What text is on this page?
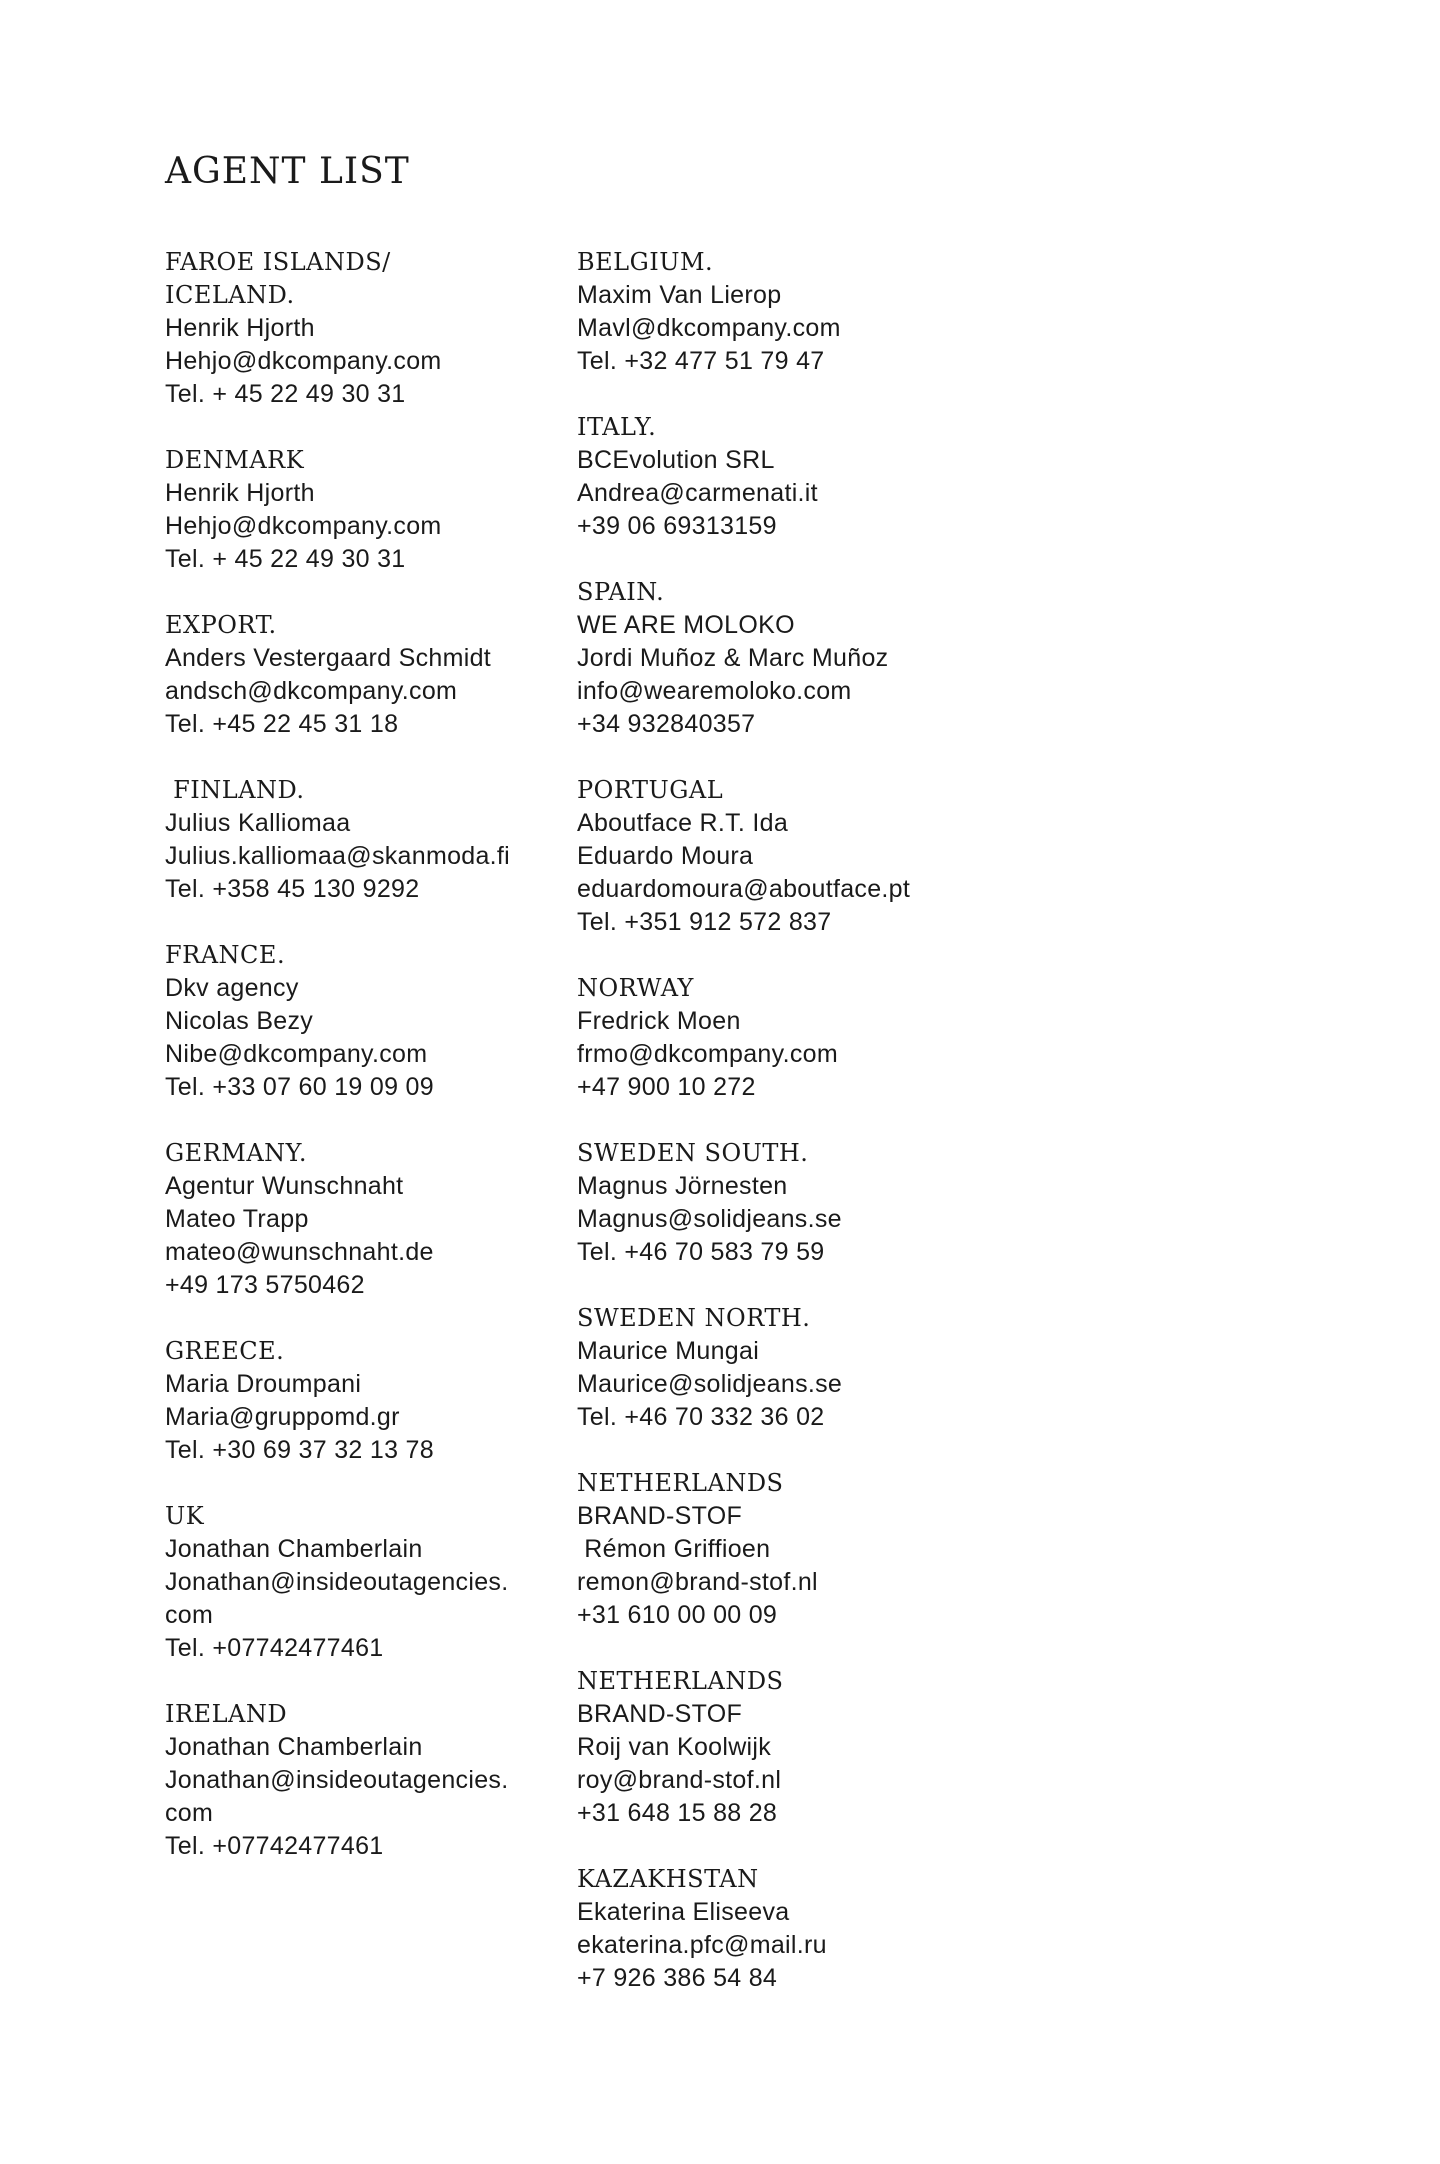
AGENT LIST
FAROE ISLANDS/
ICELAND.
Henrik Hjorth
Hehjo@dkcompany.com
Tel. + 45 22 49 30 31
DENMARK
Henrik Hjorth
Hehjo@dkcompany.com
Tel. + 45 22 49 30 31
EXPORT.
Anders Vestergaard Schmidt
andsch@dkcompany.com
Tel. +45 22 45 31 18
FINLAND.
Julius Kalliomaa
Julius.kalliomaa@skanmoda.fi
Tel. +358 45 130 9292
FRANCE.
Dkv agency
Nicolas Bezy
Nibe@dkcompany.com
Tel. +33 07 60 19 09 09
GERMANY.
Agentur Wunschnaht
Mateo Trapp
mateo@wunschnaht.de
+49 173 5750462
GREECE.
Maria Droumpani
Maria@gruppomd.gr
Tel. +30 69 37 32 13 78
UK
Jonathan Chamberlain
Jonathan@insideoutagencies.
com
Tel. +07742477461
IRELAND
Jonathan Chamberlain
Jonathan@insideoutagencies.
com
Tel. +07742477461
BELGIUM.
Maxim Van Lierop
Mavl@dkcompany.com
Tel. +32 477 51 79 47
ITALY.
BCEvolution SRL
Andrea@carmenati.it
+39 06 69313159
SPAIN.
WE ARE MOLOKO
Jordi Muñoz & Marc Muñoz
info@wearemoloko.com
+34 932840357
PORTUGAL
Aboutface R.T. Ida
Eduardo Moura
eduardomoura@aboutface.pt
Tel. +351 912 572 837
NORWAY
Fredrick Moen
frmo@dkcompany.com
+47 900 10 272
SWEDEN SOUTH.
Magnus Jörnesten
Magnus@solidjeans.se
Tel. +46 70 583 79 59
SWEDEN NORTH.
Maurice Mungai
Maurice@solidjeans.se
Tel. +46 70 332 36 02
NETHERLANDS
BRAND-STOF
Rémon Griffioen
remon@brand-stof.nl
+31 610 00 00 09
NETHERLANDS
BRAND-STOF
Roij van Koolwijk
roy@brand-stof.nl
+31 648 15 88 28
KAZAKHSTAN
Ekaterina Eliseeva
ekaterina.pfc@mail.ru
+7 926 386 54 84
